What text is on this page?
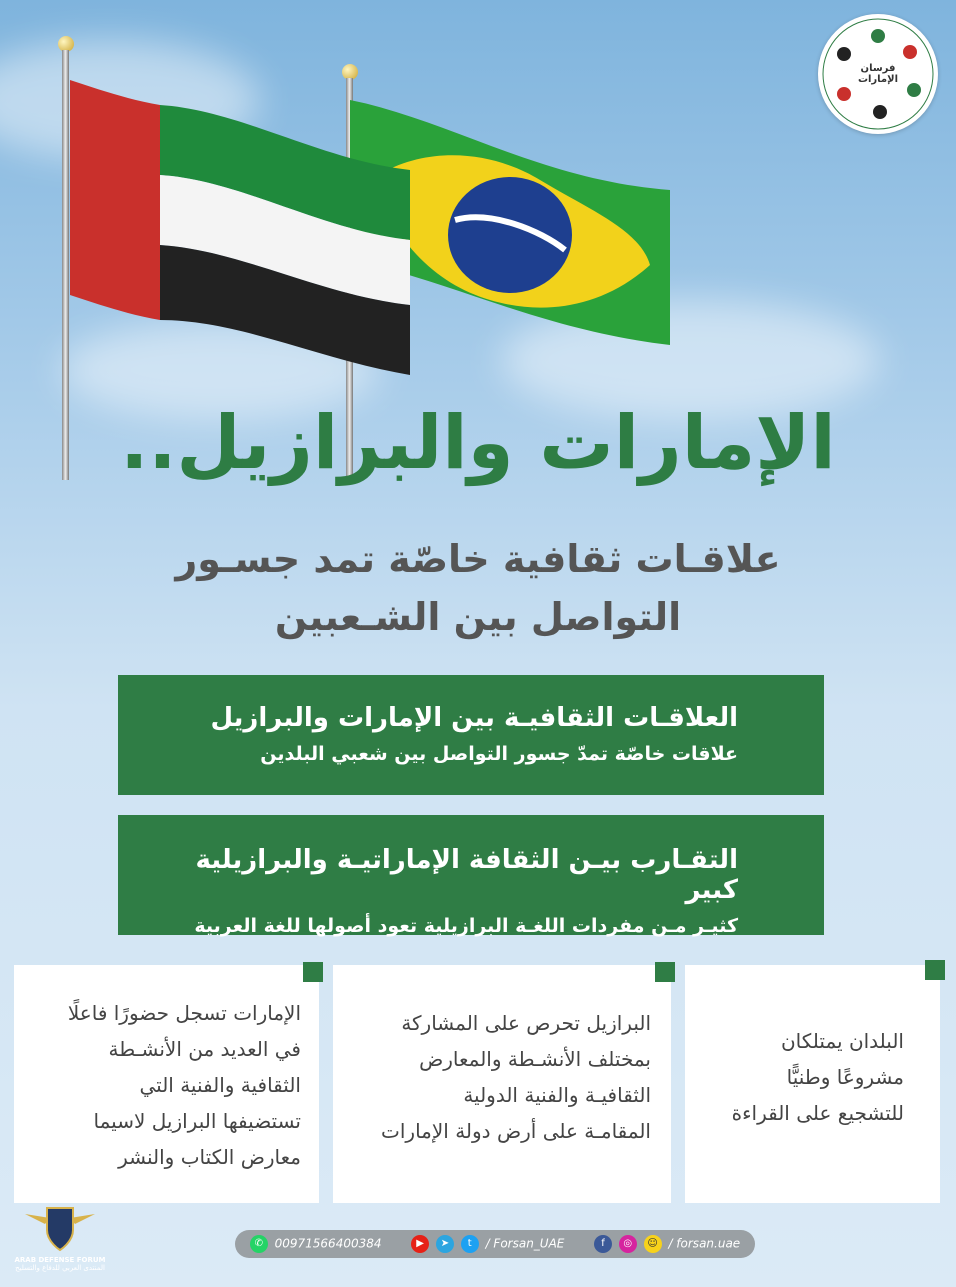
فرسان الإمارات
الإمارات والبرازيل..
علاقـات ثقافية خاصّة تمد جسـور
التواصل بين الشـعبين
العلاقـات الثقافيـة بين الإمارات والبرازيل
علاقات خاصّة تمدّ جسور التواصل بين شعبي البلدين
التقـارب بيـن الثقافة الإماراتيـة والبرازيلية كبير
كثيـر مـن مفردات اللغـة البرازيلية تعود أصولها للغة العربية
البلدان يمتلكان
مشروعًا وطنيًّا
للتشجيع على القراءة
البرازيل تحرص على المشاركة
بمختلف الأنشـطة والمعارض
الثقافيـة والفنية الدولية
المقامـة على أرض دولة الإمارات
الإمارات تسجل حضورًا فاعلًا
في العديد من الأنشـطة
الثقافية والفنية التي
تستضيفها البرازيل لاسيما
معارض الكتاب والنشر
✆ 00971566400384	▶ ➤ t / Forsan_UAE	f ◎ ☺ / forsan.uae
ARAB DEFENSE FORUM
المنتدى العربي للدفاع والتسليح
